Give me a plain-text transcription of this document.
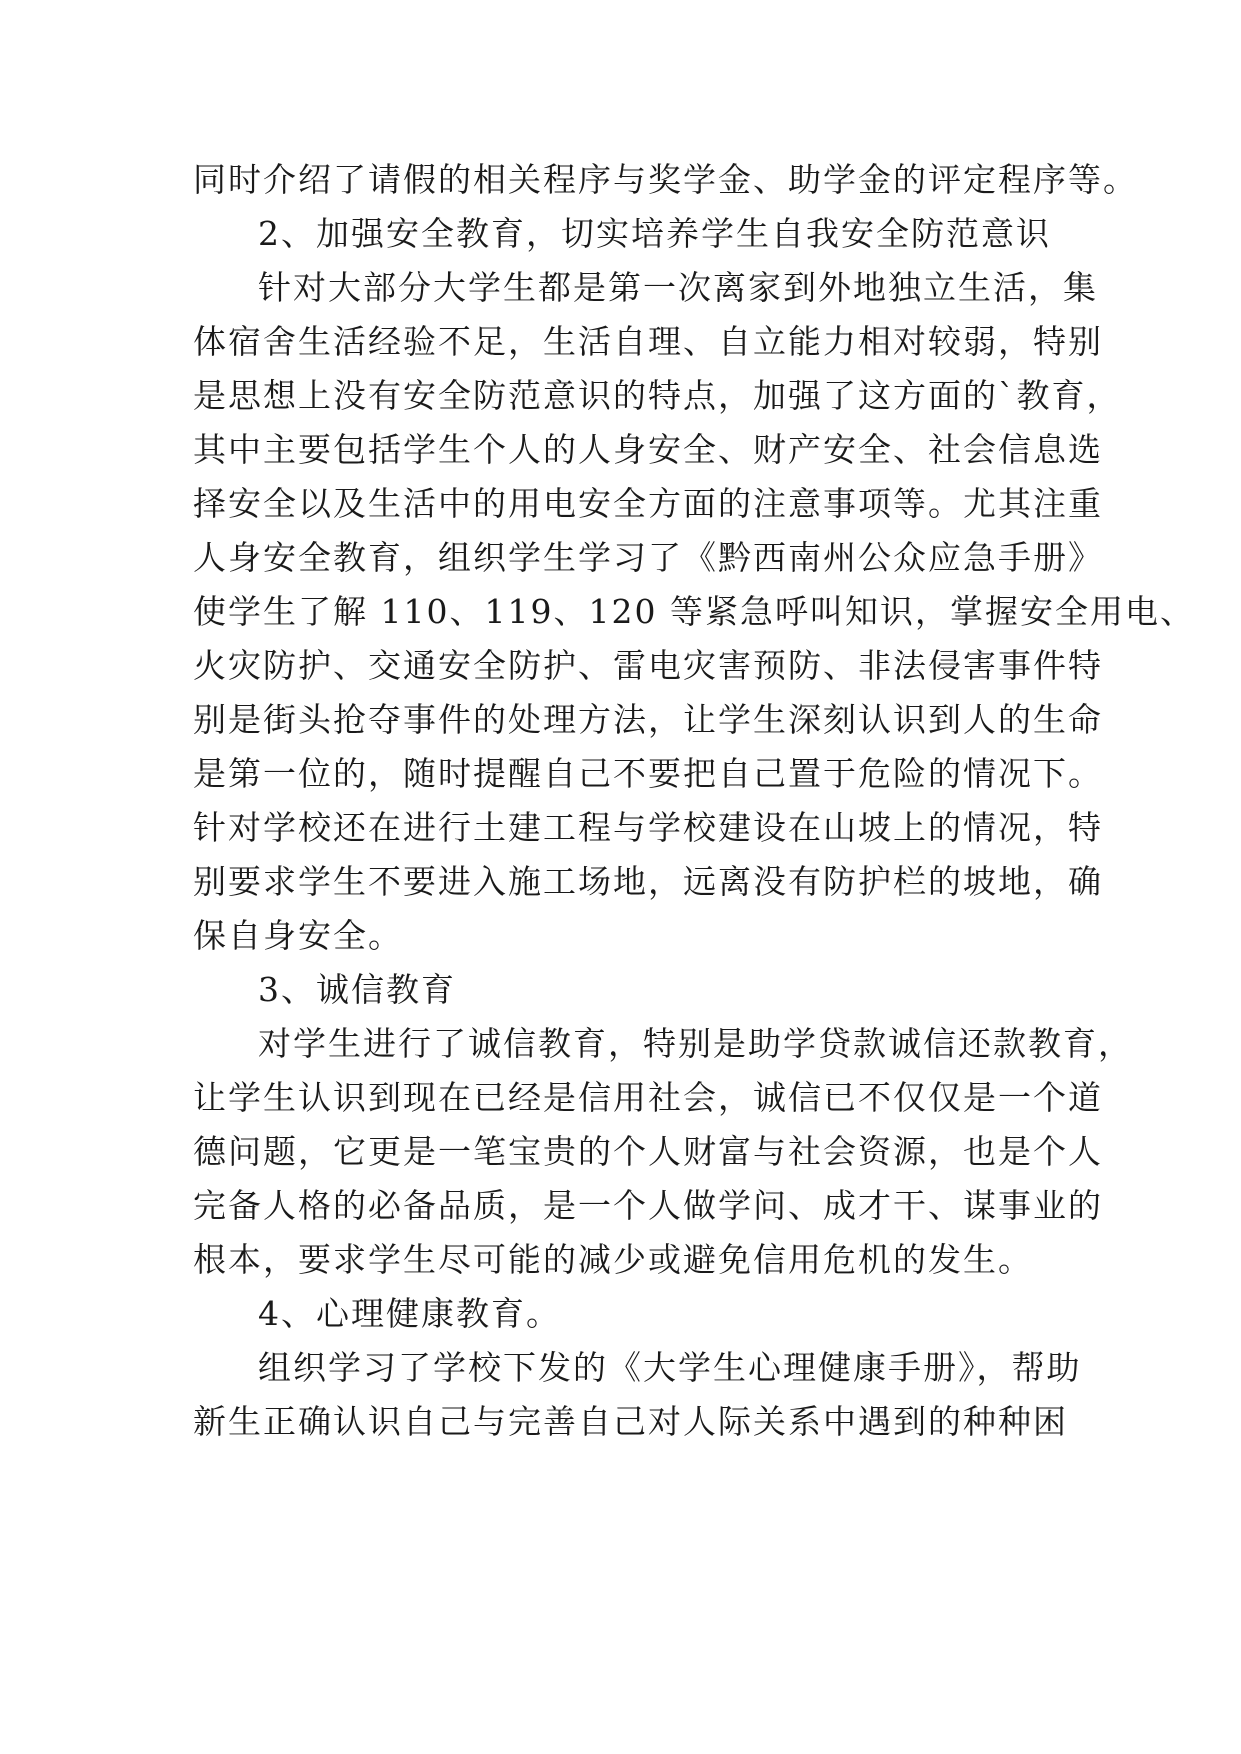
同时介绍了请假的相关程序与奖学金、助学金的评定程序等。
2、加强安全教育，切实培养学生自我安全防范意识
针对大部分大学生都是第一次离家到外地独立生活，集
体宿舍生活经验不足，生活自理、自立能力相对较弱，特别
是思想上没有安全防范意识的特点，加强了这方面的`教育，
其中主要包括学生个人的人身安全、财产安全、社会信息选
择安全以及生活中的用电安全方面的注意事项等。尤其注重
人身安全教育，组织学生学习了《黔西南州公众应急手册》
使学生了解 110、119、120 等紧急呼叫知识，掌握安全用电、
火灾防护、交通安全防护、雷电灾害预防、非法侵害事件特
别是街头抢夺事件的处理方法，让学生深刻认识到人的生命
是第一位的，随时提醒自己不要把自己置于危险的情况下。
针对学校还在进行土建工程与学校建设在山坡上的情况，特
别要求学生不要进入施工场地，远离没有防护栏的坡地，确
保自身安全。
3、诚信教育
对学生进行了诚信教育，特别是助学贷款诚信还款教育，
让学生认识到现在已经是信用社会，诚信已不仅仅是一个道
德问题，它更是一笔宝贵的个人财富与社会资源，也是个人
完备人格的必备品质，是一个人做学问、成才干、谋事业的
根本，要求学生尽可能的减少或避免信用危机的发生。
4、心理健康教育。
组织学习了学校下发的《大学生心理健康手册》，帮助
新生正确认识自己与完善自己对人际关系中遇到的种种困
